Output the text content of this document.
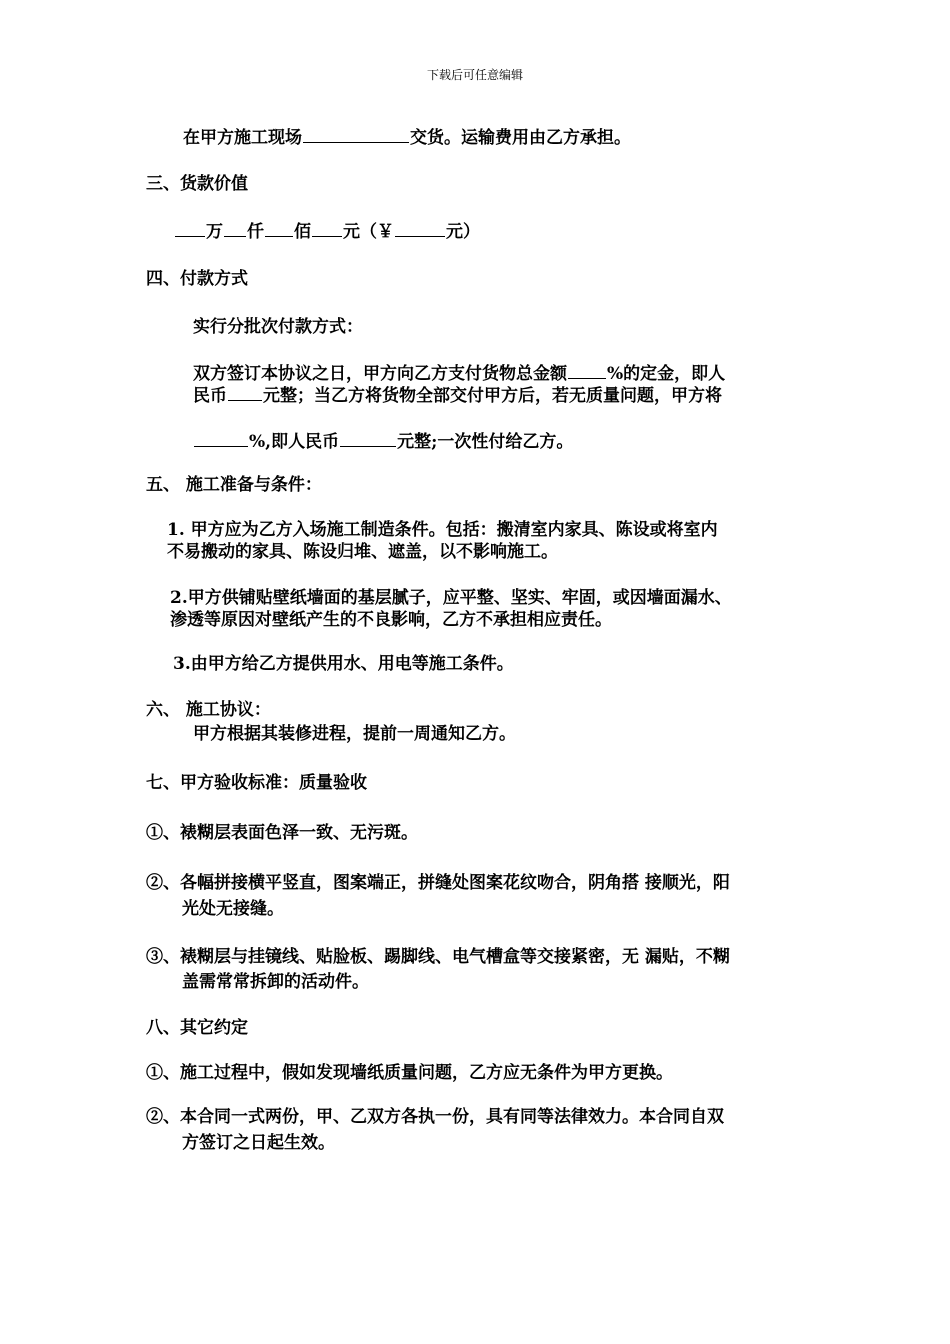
下载后可任意编辑
在甲方施工现场	交货。运输费用由乙方承担。
三、货款价值
万 仟 佰 元（￥	元）
四、付款方式
实行分批次付款方式：
双方签订本协议之日，甲方向乙方支付货物总金额 %的定金，即人
民币 元整；当乙方将货物全部交付甲方后，若无质量问题，甲方将
%,即人民币	元整;一次性付给乙方。
五、 施工准备与条件：
1. 甲方应为乙方入场施工制造条件。包括：搬清室内家具、陈设或将室内
不易搬动的家具、陈设归堆、遮盖，以不影响施工。
2.甲方供铺贴壁纸墙面的基层腻子，应平整、坚实、牢固，或因墙面漏水、
渗透等原因对壁纸产生的不良影响，乙方不承担相应责任。
3.由甲方给乙方提供用水、用电等施工条件。
六、 施工协议：
甲方根据其装修进程，提前一周通知乙方。
七、甲方验收标准：质量验收
①、裱糊层表面色泽一致、无污斑。
②、各幅拼接横平竖直，图案端正，拼缝处图案花纹吻合，阴角搭 接顺光，阳
光处无接缝。
③、裱糊层与挂镜线、贴脸板、踢脚线、电气槽盒等交接紧密，无 漏贴，不糊
盖需常常拆卸的活动件。
八、其它约定
①、施工过程中，假如发现墙纸质量问题，乙方应无条件为甲方更换。
②、本合同一式两份，甲、乙双方各执一份，具有同等法律效力。本合同自双
方签订之日起生效。
